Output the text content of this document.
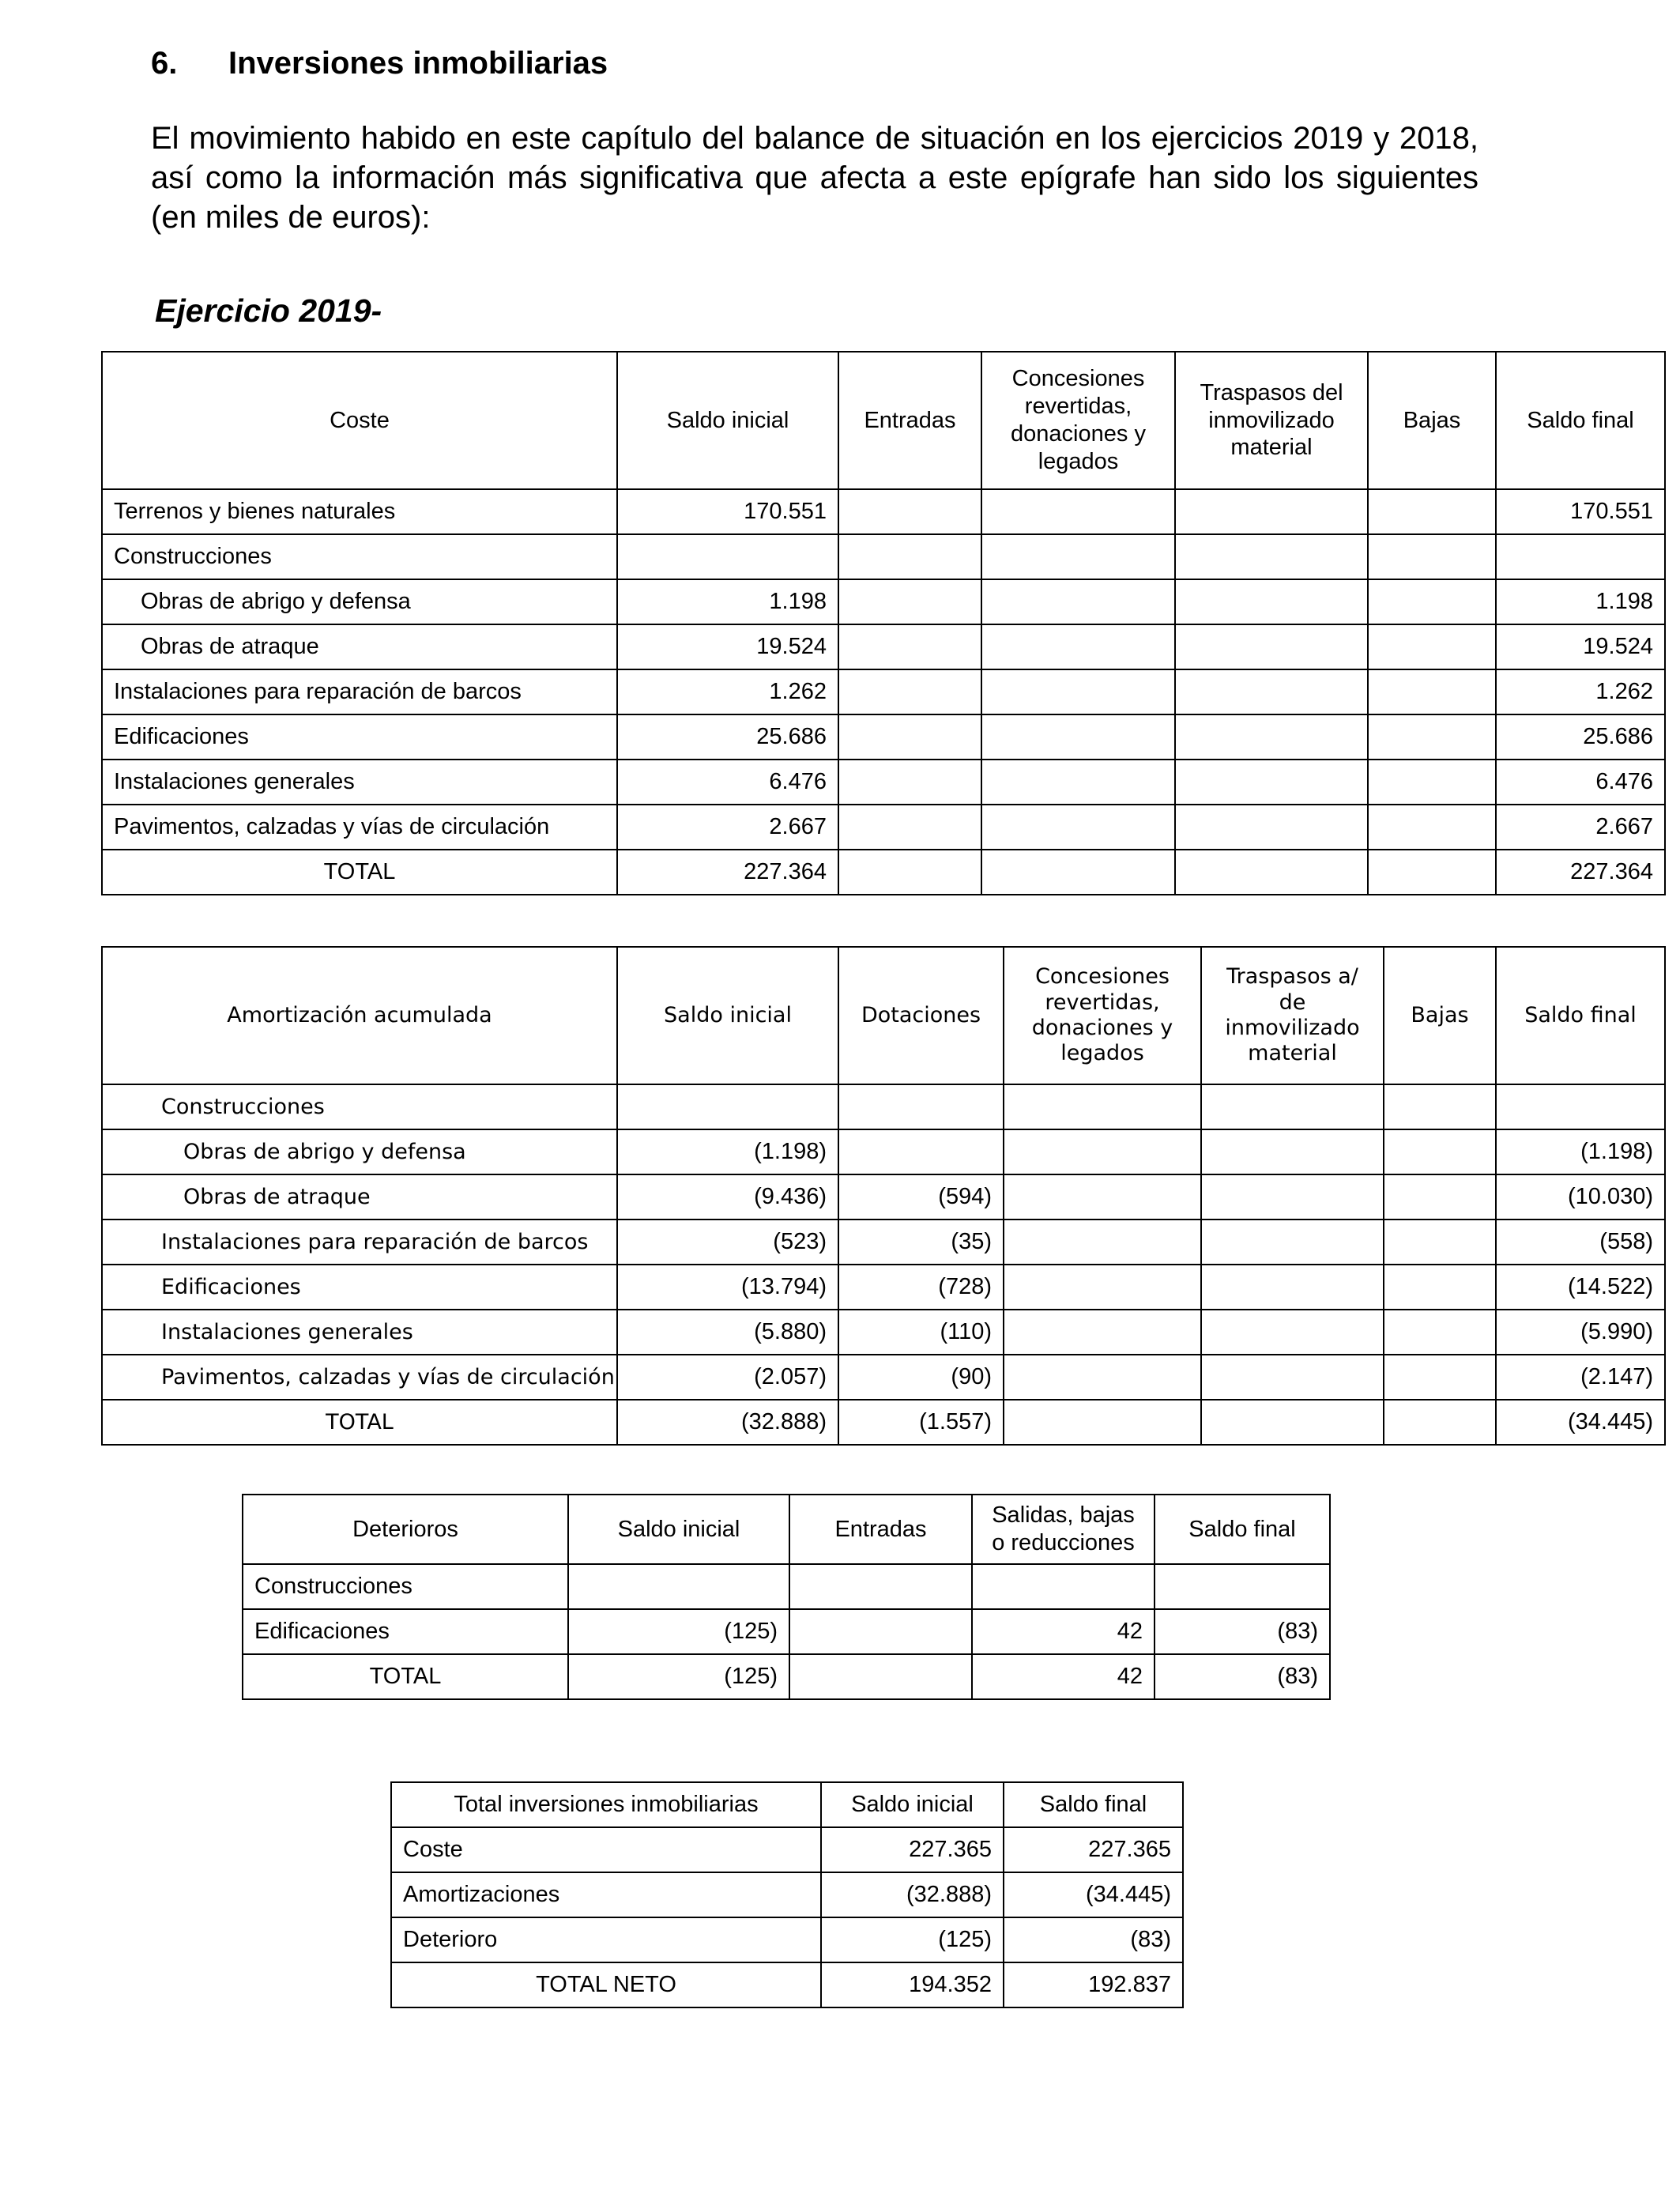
6. Inversiones inmobiliarias
El movimiento habido en este capítulo del balance de situación en los ejercicios 2019 y 2018, así como la información más significativa que afecta a este epígrafe han sido los siguientes (en miles de euros):
Ejercicio 2019-
Coste	Saldo inicial	Entradas	Concesiones revertidas, donaciones y legados	Traspasos del inmovilizado material	Bajas	Saldo final
Terrenos y bienes naturales	170.551					170.551
Construcciones						
Obras de abrigo y defensa	1.198					1.198
Obras de atraque	19.524					19.524
Instalaciones para reparación de barcos	1.262					1.262
Edificaciones	25.686					25.686
Instalaciones generales	6.476					6.476
Pavimentos, calzadas y vías de circulación	2.667					2.667
TOTAL	227.364					227.364
Amortización acumulada	Saldo inicial	Dotaciones	Concesiones revertidas, donaciones y legados	Traspasos a/ de inmovilizado material	Bajas	Saldo final
Construcciones						
Obras de abrigo y defensa	(1.198)					(1.198)
Obras de atraque	(9.436)	(594)				(10.030)
Instalaciones para reparación de barcos	(523)	(35)				(558)
Edificaciones	(13.794)	(728)				(14.522)
Instalaciones generales	(5.880)	(110)				(5.990)
Pavimentos, calzadas y vías de circulación	(2.057)	(90)				(2.147)
TOTAL	(32.888)	(1.557)				(34.445)
Deterioros	Saldo inicial	Entradas	Salidas, bajas o reducciones	Saldo final
Construcciones				
Edificaciones	(125)		42	(83)
TOTAL	(125)		42	(83)
Total inversiones inmobiliarias	Saldo inicial	Saldo final
Coste	227.365	227.365
Amortizaciones	(32.888)	(34.445)
Deterioro	(125)	(83)
TOTAL NETO	194.352	192.837
